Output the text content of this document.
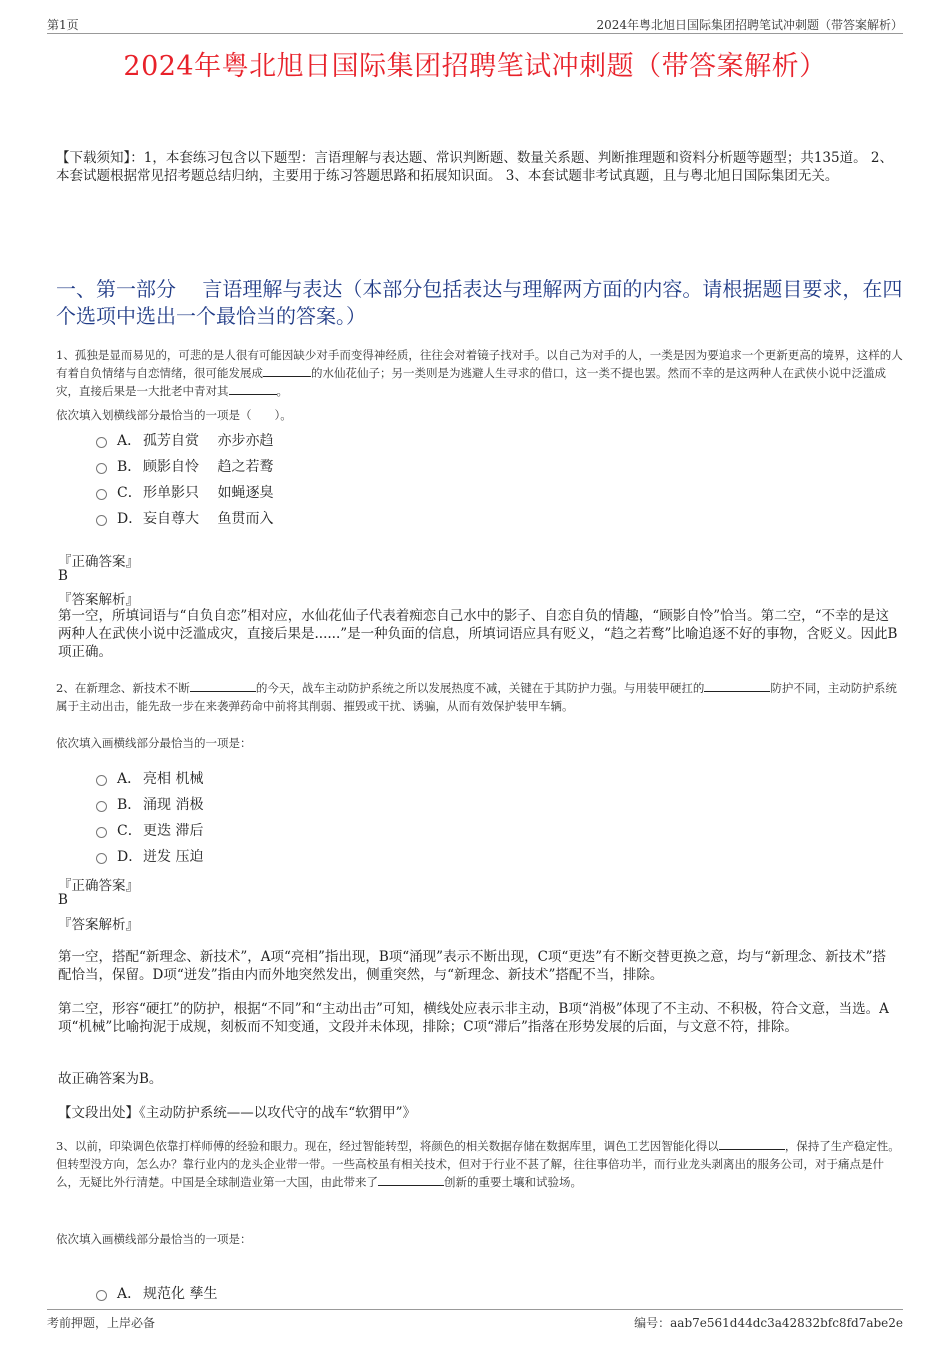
第1页	2024年粤北旭日国际集团招聘笔试冲刺题（带答案解析）
2024年粤北旭日国际集团招聘笔试冲刺题（带答案解析）
【下载须知】：1，本套练习包含以下题型：言语理解与表达题、常识判断题、数量关系题、判断推理题和资料分析题等题型；共135道。 2、本套试题根据常见招考题总结归纳，主要用于练习答题思路和拓展知识面。 3、本套试题非考试真题，且与粤北旭日国际集团无关。
一、第一部分　 言语理解与表达（本部分包括表达与理解两方面的内容。请根据题目要求，在四个选项中选出一个最恰当的答案。）
1、孤独是显而易见的，可悲的是人很有可能因缺少对手而变得神经质，往往会对着镜子找对手。以自己为对手的人，一类是因为要追求一个更新更高的境界，这样的人有着自负情绪与自恋情绪，很可能发展成	的水仙花仙子；另一类则是为逃避人生寻求的借口，这一类不提也罢。然而不幸的是这两种人在武侠小说中泛滥成灾，直接后果是一大批老中青对其	。
依次填入划横线部分最恰当的一项是（　　）。
A． 孤芳自赏　 亦步亦趋
B． 顾影自怜　 趋之若鹜
C． 形单影只　 如蝇逐臭
D． 妄自尊大　 鱼贯而入
『正确答案』
B
『答案解析』
第一空，所填词语与“自负自恋”相对应，水仙花仙子代表着痴恋自己水中的影子、自恋自负的情趣，“顾影自怜”恰当。第二空，“不幸的是这两种人在武侠小说中泛滥成灾，直接后果是......”是一种负面的信息，所填词语应具有贬义，“趋之若鹜”比喻追逐不好的事物，含贬义。因此B项正确。
2、在新理念、新技术不断	的今天，战车主动防护系统之所以发展热度不减，关键在于其防护力强。与用装甲硬扛的	防护不同，主动防护系统属于主动出击，能先敌一步在来袭弹药命中前将其削弱、摧毁或干扰、诱骗，从而有效保护装甲车辆。
依次填入画横线部分最恰当的一项是：
A． 亮相 机械
B． 涌现 消极
C． 更迭 滞后
D． 迸发 压迫
『正确答案』
B
『答案解析』
第一空，搭配“新理念、新技术”，A项“亮相”指出现，B项“涌现”表示不断出现，C项“更迭”有不断交替更换之意，均与“新理念、新技术”搭配恰当，保留。D项“迸发”指由内而外地突然发出，侧重突然，与“新理念、新技术”搭配不当，排除。
第二空，形容“硬扛”的防护，根据“不同”和“主动出击”可知，横线处应表示非主动，B项“消极”体现了不主动、不积极，符合文意，当选。A项“机械”比喻拘泥于成规，刻板而不知变通，文段并未体现，排除；C项“滞后”指落在形势发展的后面，与文意不符，排除。
故正确答案为B。
【文段出处】《主动防护系统——以攻代守的战车“软猬甲”》
3、以前，印染调色依靠打样师傅的经验和眼力。现在，经过智能转型，将颜色的相关数据存储在数据库里，调色工艺因智能化得以	，保持了生产稳定性。但转型没方向，怎么办？靠行业内的龙头企业带一带。一些高校虽有相关技术，但对于行业不甚了解，往往事倍功半，而行业龙头剥离出的服务公司，对于痛点是什么，无疑比外行清楚。中国是全球制造业第一大国，由此带来了	创新的重要土壤和试验场。
依次填入画横线部分最恰当的一项是：
A． 规范化 孳生
考前押题，上岸必备	编号：aab7e561d44dc3a42832bfc8fd7abe2e
